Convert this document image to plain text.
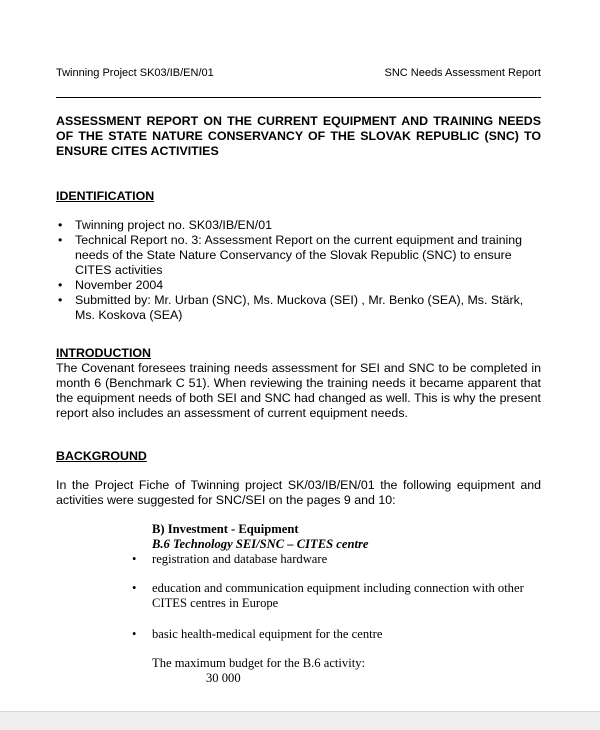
Twinning Project SK03/IB/EN/01	SNC Needs Assessment Report

ASSESSMENT REPORT ON THE CURRENT EQUIPMENT AND TRAINING NEEDS OF THE STATE NATURE CONSERVANCY OF THE SLOVAK REPUBLIC (SNC) TO ENSURE CITES ACTIVITIES

IDENTIFICATION

• Twinning project no. SK03/IB/EN/01
• Technical Report no. 3: Assessment Report on the current equipment and training needs of the State Nature Conservancy of the Slovak Republic (SNC) to ensure CITES activities
• November 2004
• Submitted by: Mr. Urban (SNC), Ms. Muckova (SEI) , Mr. Benko (SEA), Ms. Stärk, Ms. Koskova (SEA)

INTRODUCTION

The Covenant foresees training needs assessment for SEI and SNC to be completed in month 6 (Benchmark C 51). When reviewing the training needs it became apparent that the equipment needs of both SEI and SNC had changed as well. This is why the present report also includes an assessment of current equipment needs.

BACKGROUND

In the Project Fiche of Twinning project SK/03/IB/EN/01 the following equipment and activities were suggested for SNC/SEI on the pages 9 and 10:

B) Investment - Equipment
B.6 Technology SEI/SNC – CITES centre
• registration and database hardware
• education and communication equipment including connection with other CITES centres in Europe
• basic health-medical equipment for the centre
The maximum budget for the B.6 activity:
30 000
